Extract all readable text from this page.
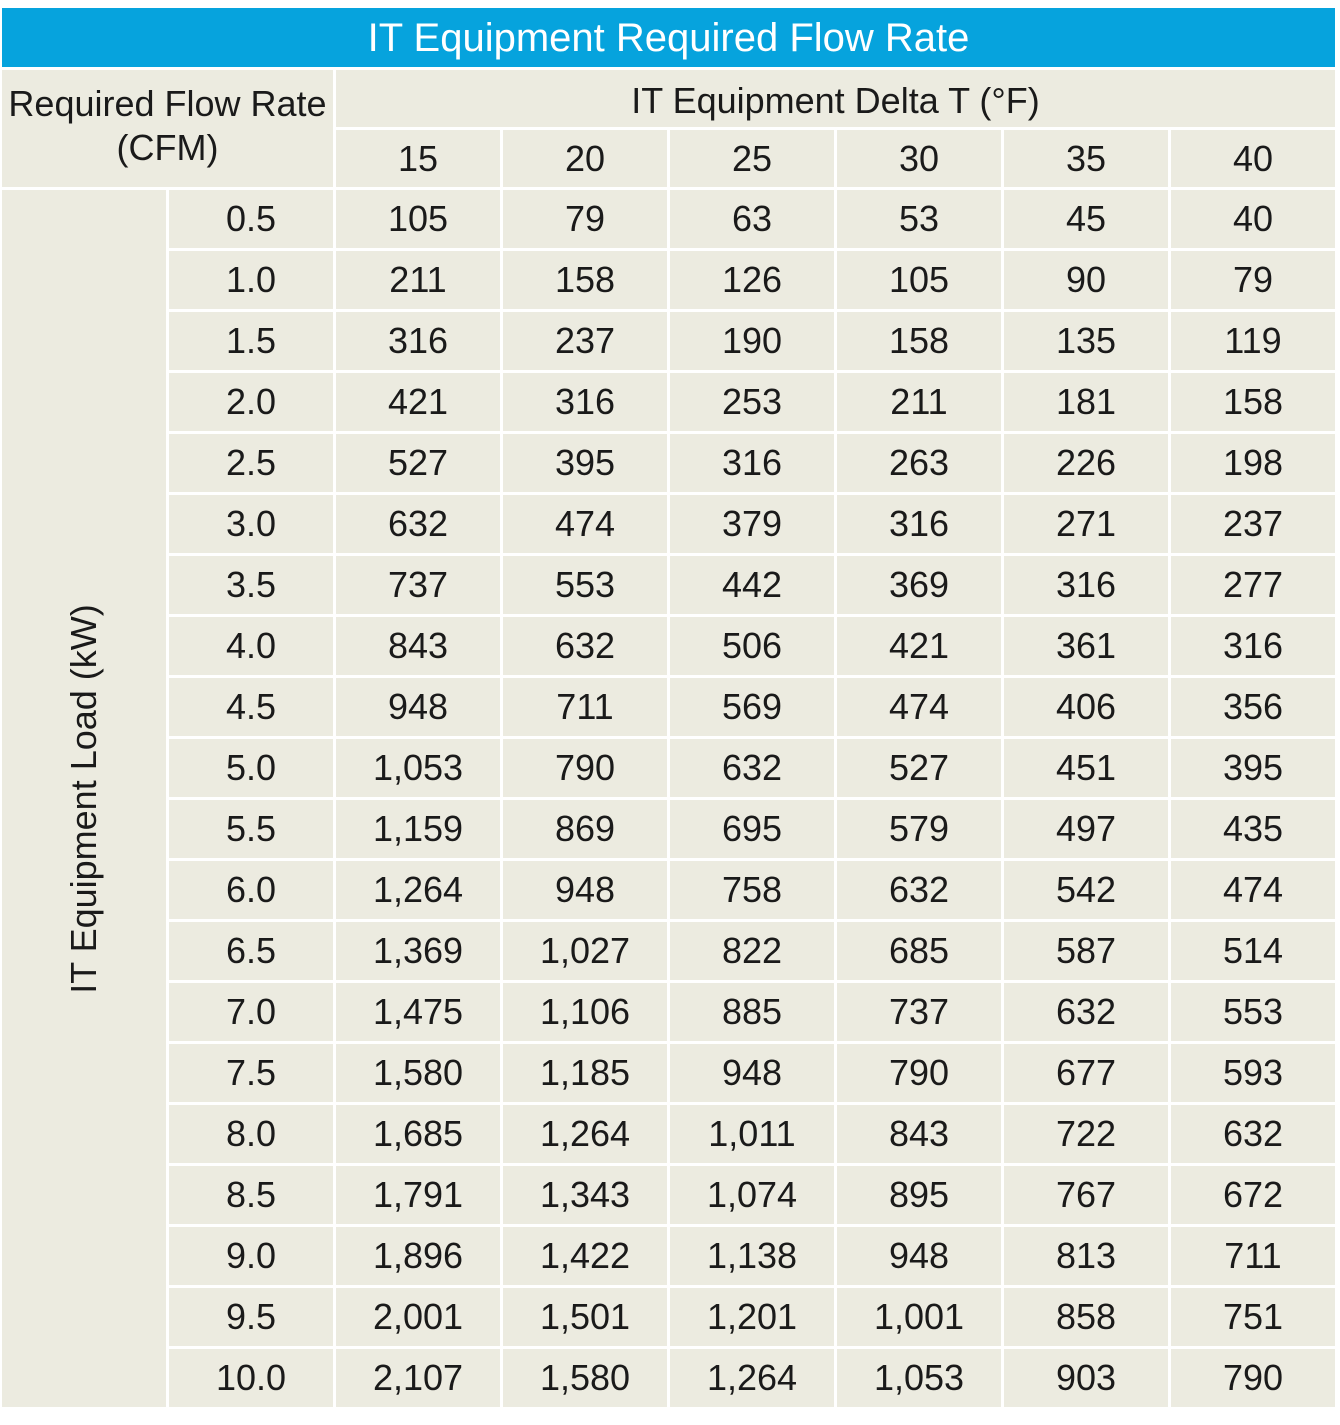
IT Equipment Required Flow Rate
Required Flow Rate (CFM)
IT Equipment Delta T (°F)
IT Equipment Load (kW)
15	20	25	30	35	40
0.5	105	79	63	53	45	40
1.0	211	158	126	105	90	79
1.5	316	237	190	158	135	119
2.0	421	316	253	211	181	158
2.5	527	395	316	263	226	198
3.0	632	474	379	316	271	237
3.5	737	553	442	369	316	277
4.0	843	632	506	421	361	316
4.5	948	711	569	474	406	356
5.0	1,053	790	632	527	451	395
5.5	1,159	869	695	579	497	435
6.0	1,264	948	758	632	542	474
6.5	1,369	1,027	822	685	587	514
7.0	1,475	1,106	885	737	632	553
7.5	1,580	1,185	948	790	677	593
8.0	1,685	1,264	1,011	843	722	632
8.5	1,791	1,343	1,074	895	767	672
9.0	1,896	1,422	1,138	948	813	711
9.5	2,001	1,501	1,201	1,001	858	751
10.0	2,107	1,580	1,264	1,053	903	790
